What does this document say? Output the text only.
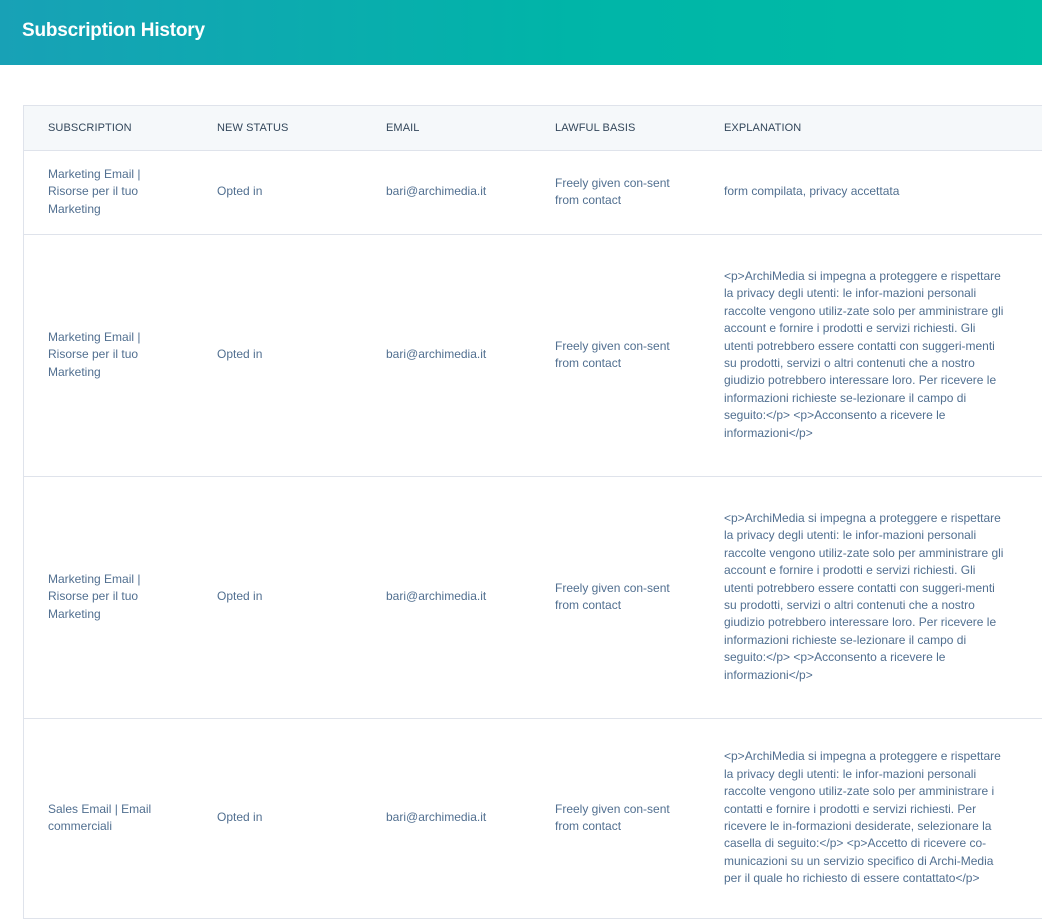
Subscription History
SUBSCRIPTION	NEW STATUS	EMAIL	LAWFUL BASIS	EXPLANATION

Marketing Email | Risorse per il tuo Marketing	Opted in	bari@archimedia.it	Freely given con-sent from contact	form compilata, privacy accettata

Marketing Email | Risorse per il tuo Marketing	Opted in	bari@archimedia.it	Freely given con-sent from contact	<p>ArchiMedia si impegna a proteggere e rispettare la privacy degli utenti: le infor-mazioni personali raccolte vengono utiliz-zate solo per amministrare gli account e fornire i prodotti e servizi richiesti. Gli utenti potrebbero essere contatti con suggeri-menti su prodotti, servizi o altri contenuti che a nostro giudizio potrebbero interessare loro. Per ricevere le informazioni richieste se-lezionare il campo di seguito:</p> <p>Acconsento a ricevere le informazioni</p>

Marketing Email | Risorse per il tuo Marketing	Opted in	bari@archimedia.it	Freely given con-sent from contact	<p>ArchiMedia si impegna a proteggere e rispettare la privacy degli utenti: le infor-mazioni personali raccolte vengono utiliz-zate solo per amministrare gli account e fornire i prodotti e servizi richiesti. Gli utenti potrebbero essere contatti con suggeri-menti su prodotti, servizi o altri contenuti che a nostro giudizio potrebbero interessare loro. Per ricevere le informazioni richieste se-lezionare il campo di seguito:</p> <p>Acconsento a ricevere le informazioni</p>

Sales Email | Email commerciali	Opted in	bari@archimedia.it	Freely given con-sent from contact	<p>ArchiMedia si impegna a proteggere e rispettare la privacy degli utenti: le infor-mazioni personali raccolte vengono utiliz-zate solo per amministrare i contatti e fornire i prodotti e servizi richiesti. Per ricevere le in-formazioni desiderate, selezionare la casella di seguito:</p> <p>Accetto di ricevere co-municazioni su un servizio specifico di Archi-Media per il quale ho richiesto di essere contattato</p>
